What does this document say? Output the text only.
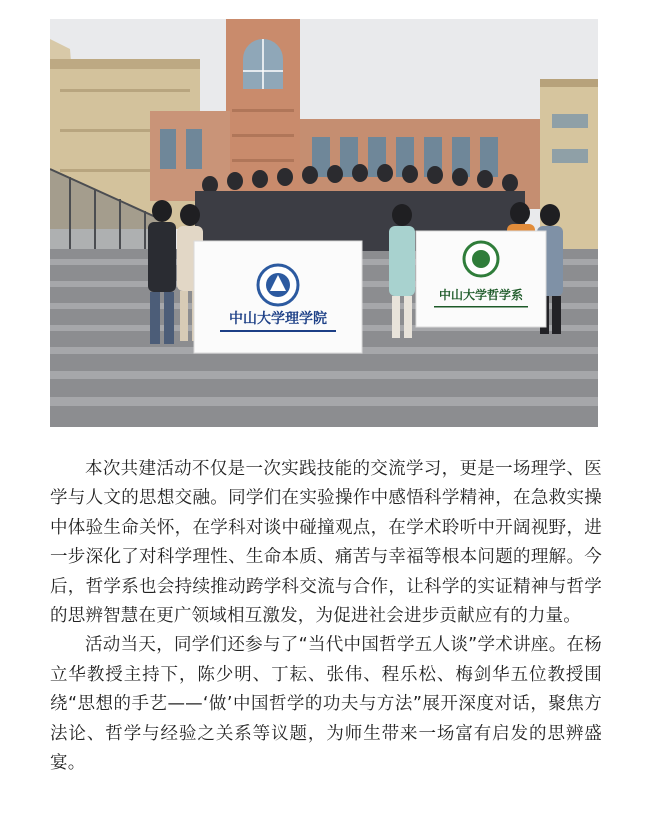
中山大学理学院
中山大学哲学系

本次共建活动不仅是一次实践技能的交流学习，更是一场理学、医学与人文的思想交融。同学们在实验操作中感悟科学精神，在急救实操中体验生命关怀，在学科对谈中碰撞观点，在学术聆听中开阔视野，进一步深化了对科学理性、生命本质、痛苦与幸福等根本问题的理解。今后，哲学系也会持续推动跨学科交流与合作，让科学的实证精神与哲学的思辨智慧在更广领域相互激发，为促进社会进步贡献应有的力量。

活动当天，同学们还参与了“当代中国哲学五人谈”学术讲座。在杨立华教授主持下，陈少明、丁耘、张伟、程乐松、梅剑华五位教授围绕“思想的手艺——‘做’中国哲学的功夫与方法”展开深度对话，聚焦方法论、哲学与经验之关系等议题，为师生带来一场富有启发的思辨盛宴。
